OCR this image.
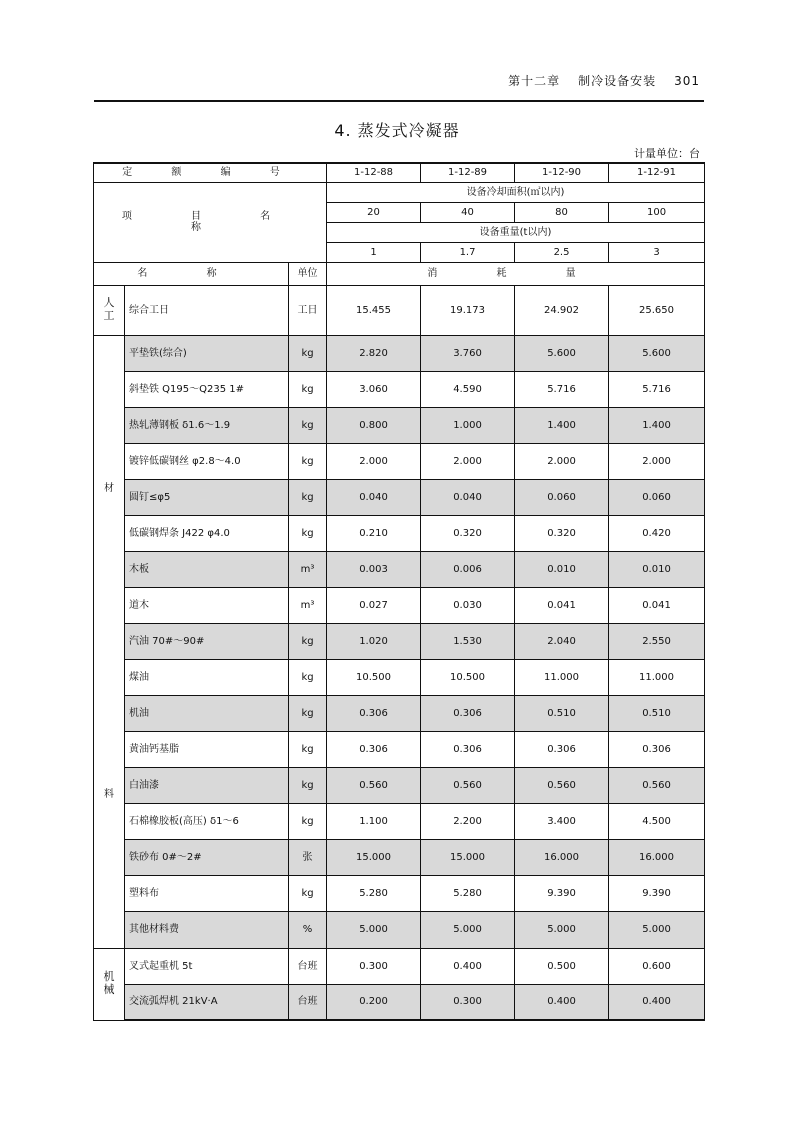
第十二章 制冷设备安装 301
4. 蒸发式冷凝器
计量单位：台
定 额 编 号			1-12-88	1-12-89	1-12-90	1-12-91
项 目 名 称			设备冷却面积(㎡以内)			
			20	40	80	100
			设备重量(t以内)			
			1	1.7	2.5	3
名 称		单位	消 耗 量			

人工	综合工日	工日	15.455	19.173	24.902	25.650

材
料	平垫铁(综合)	kg	2.820	3.760	5.600	5.600
	斜垫铁 Q195～Q235 1#	kg	3.060	4.590	5.716	5.716
	热轧薄钢板 δ1.6～1.9	kg	0.800	1.000	1.400	1.400
	镀锌低碳钢丝 φ2.8～4.0	kg	2.000	2.000	2.000	2.000
	圆钉≤φ5	kg	0.040	0.040	0.060	0.060
	低碳钢焊条 J422 φ4.0	kg	0.210	0.320	0.320	0.420
	木板	m³	0.003	0.006	0.010	0.010
	道木	m³	0.027	0.030	0.041	0.041
	汽油 70#～90#	kg	1.020	1.530	2.040	2.550
	煤油	kg	10.500	10.500	11.000	11.000
	机油	kg	0.306	0.306	0.510	0.510
	黄油钙基脂	kg	0.306	0.306	0.306	0.306
	白油漆	kg	0.560	0.560	0.560	0.560
	石棉橡胶板(高压) δ1～6	kg	1.100	2.200	3.400	4.500
	铁砂布 0#～2#	张	15.000	15.000	16.000	16.000
	塑料布	kg	5.280	5.280	9.390	9.390
	其他材料费	%	5.000	5.000	5.000	5.000

机械	叉式起重机 5t	台班	0.300	0.400	0.500	0.600
	交流弧焊机 21kV·A	台班	0.200	0.300	0.400	0.400
